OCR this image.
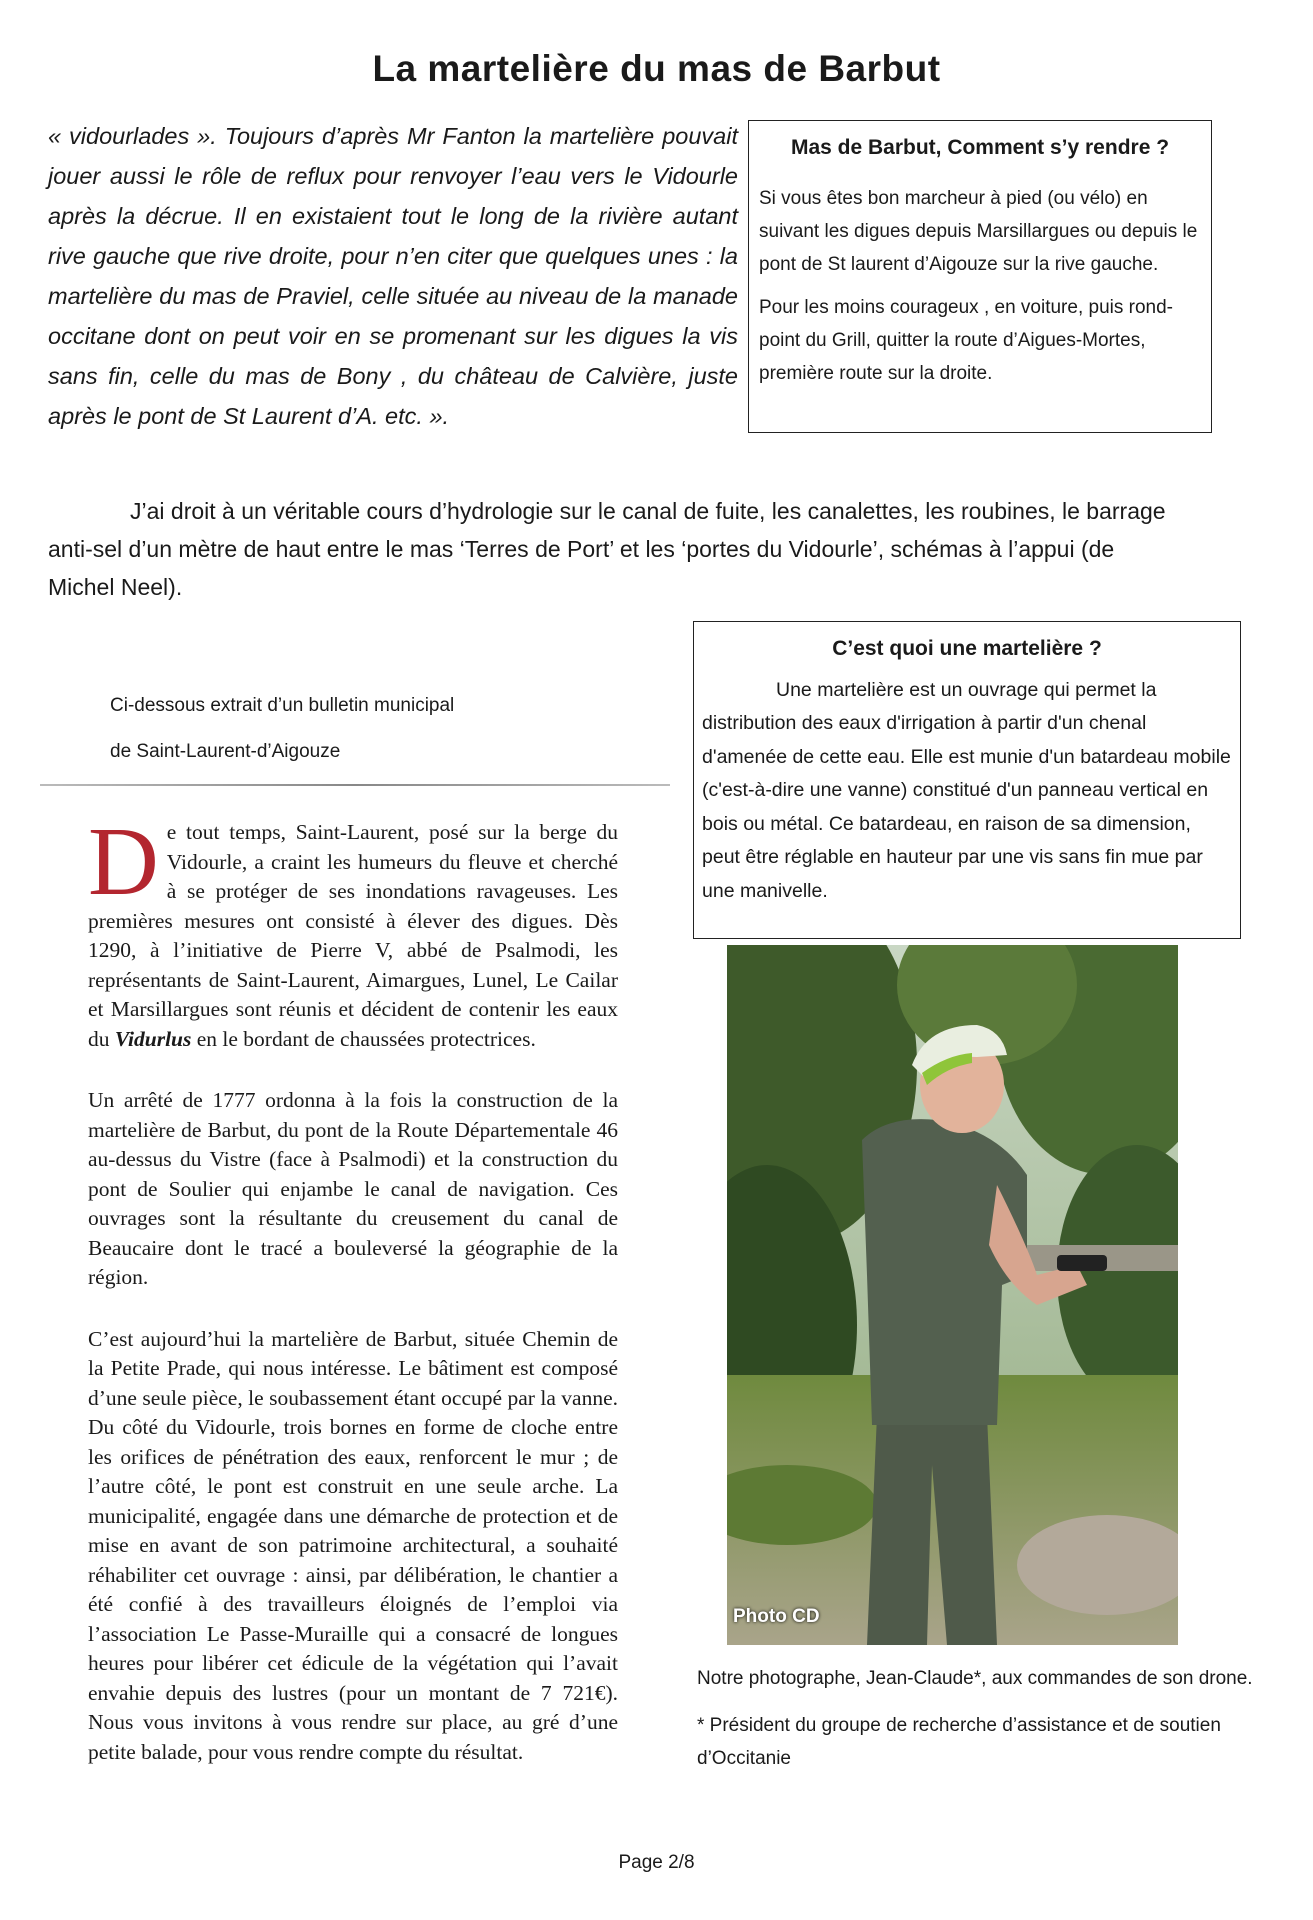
La martelière du mas de Barbut
« vidourlades ». Toujours d’après Mr Fanton la martelière pouvait jouer aussi le rôle de reflux pour renvoyer l’eau vers le Vidourle après la décrue. Il en existaient tout le long de la rivière autant rive gauche que rive droite, pour n’en citer que quelques unes : la martelière du mas de Praviel, celle située au niveau de la manade occitane dont on peut voir en se promenant sur les digues la vis sans fin, celle du mas de Bony , du château de Calvière, juste après le pont de St Laurent d’A. etc. ».
Mas de Barbut, Comment s’y rendre ?

Si vous êtes bon marcheur à pied (ou vélo) en suivant les digues depuis Marsillargues ou depuis le pont de St laurent d’Aigouze sur la rive gauche.

Pour les moins courageux , en voiture, puis rond-point du Grill, quitter la route d’Aigues-Mortes, première route sur la droite.

J’ai droit à un véritable cours d’hydrologie sur le canal de fuite, les canalettes, les roubines, le barrage anti-sel d’un mètre de haut entre le mas ‘Terres de Port’ et les ‘portes du Vidourle’, schémas à l’appui (de Michel Neel).
C’est quoi une martelière ?

Une martelière est un ouvrage qui permet la distribution des eaux d'irrigation à partir d'un chenal d'amenée de cette eau. Elle est munie d'un batardeau mobile (c'est-à-dire une vanne) constitué d'un panneau vertical en bois ou métal. Ce batardeau, en raison de sa dimension, peut être réglable en hauteur par une vis sans fin mue par une manivelle.

Ci-dessous extrait d’un bulletin municipal
de Saint-Laurent-d’Aigouze

De tout temps, Saint-Laurent, posé sur la berge du Vidourle, a craint les humeurs du fleuve et cherché à se protéger de ses inondations ravageuses. Les premières mesures ont consisté à élever des digues. Dès 1290, à l’initiative de Pierre V, abbé de Psalmodi, les représentants de Saint-Laurent, Aimargues, Lunel, Le Cailar et Marsillargues sont réunis et décident de contenir les eaux du Vidurlus en le bordant de chaussées protectrices.

Un arrêté de 1777 ordonna à la fois la construction de la martelière de Barbut, du pont de la Route Départementale 46 au-dessus du Vistre (face à Psalmodi) et la construction du pont de Soulier qui enjambe le canal de navigation. Ces ouvrages sont la résultante du creusement du canal de Beaucaire dont le tracé a bouleversé la géographie de la région.

C’est aujourd’hui la martelière de Barbut, située Chemin de la Petite Prade, qui nous intéresse. Le bâtiment est composé d’une seule pièce, le soubassement étant occupé par la vanne. Du côté du Vidourle, trois bornes en forme de cloche entre les orifices de pénétration des eaux, renforcent le mur ; de l’autre côté, le pont est construit en une seule arche. La municipalité, engagée dans une démarche de protection et de mise en avant de son patrimoine architectural, a souhaité réhabiliter cet ouvrage : ainsi, par délibération, le chantier a été confié à des travailleurs éloignés de l’emploi via l’association Le Passe-Muraille qui a consacré de longues heures pour libérer cet édicule de la végétation qui l’avait envahie depuis des lustres (pour un montant de 7 721€). Nous vous invitons à vous rendre sur place, au gré d’une petite balade, pour vous rendre compte du résultat.

Photo CD

Notre photographe, Jean-Claude*, aux commandes de son drone.

* Président du groupe de recherche d’assistance et de soutien d’Occitanie

Page 2/8
